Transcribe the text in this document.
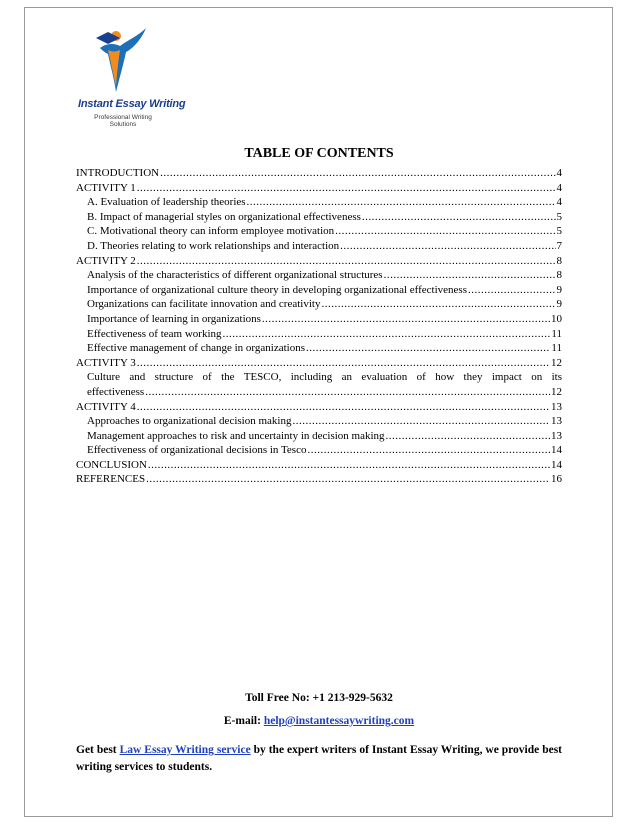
Instant Essay Writing
Professional Writing
Solutions
TABLE OF CONTENTS
INTRODUCTION .....	4
ACTIVITY 1 .....	4
A. Evaluation of leadership theories .....	4
B. Impact of managerial styles on organizational effectiveness .....	5
C. Motivational theory can inform employee motivation .....	5
D. Theories relating to work relationships and interaction .....	7
ACTIVITY 2 .....	8
Analysis of the characteristics of different organizational structures .....	8
Importance of organizational culture theory in developing organizational effectiveness .....	9
Organizations can facilitate innovation and creativity .....	9
Importance of learning in organizations .....	10
Effectiveness of team working .....	11
Effective management of change in organizations .....	11
ACTIVITY 3 .....	12
Culture and structure of the TESCO, including an evaluation of how they impact on its
effectiveness .....	12
ACTIVITY 4 .....	13
Approaches to organizational decision making .....	13
Management approaches to risk and uncertainty in decision making .....	13
Effectiveness of organizational decisions in Tesco .....	14
CONCLUSION .....	14
REFERENCES .....	16
Toll Free No: +1 213-929-5632
E-mail: help@instantessaywriting.com
Get best Law Essay Writing service by the expert writers of Instant Essay Writing, we provide best writing services to students.
